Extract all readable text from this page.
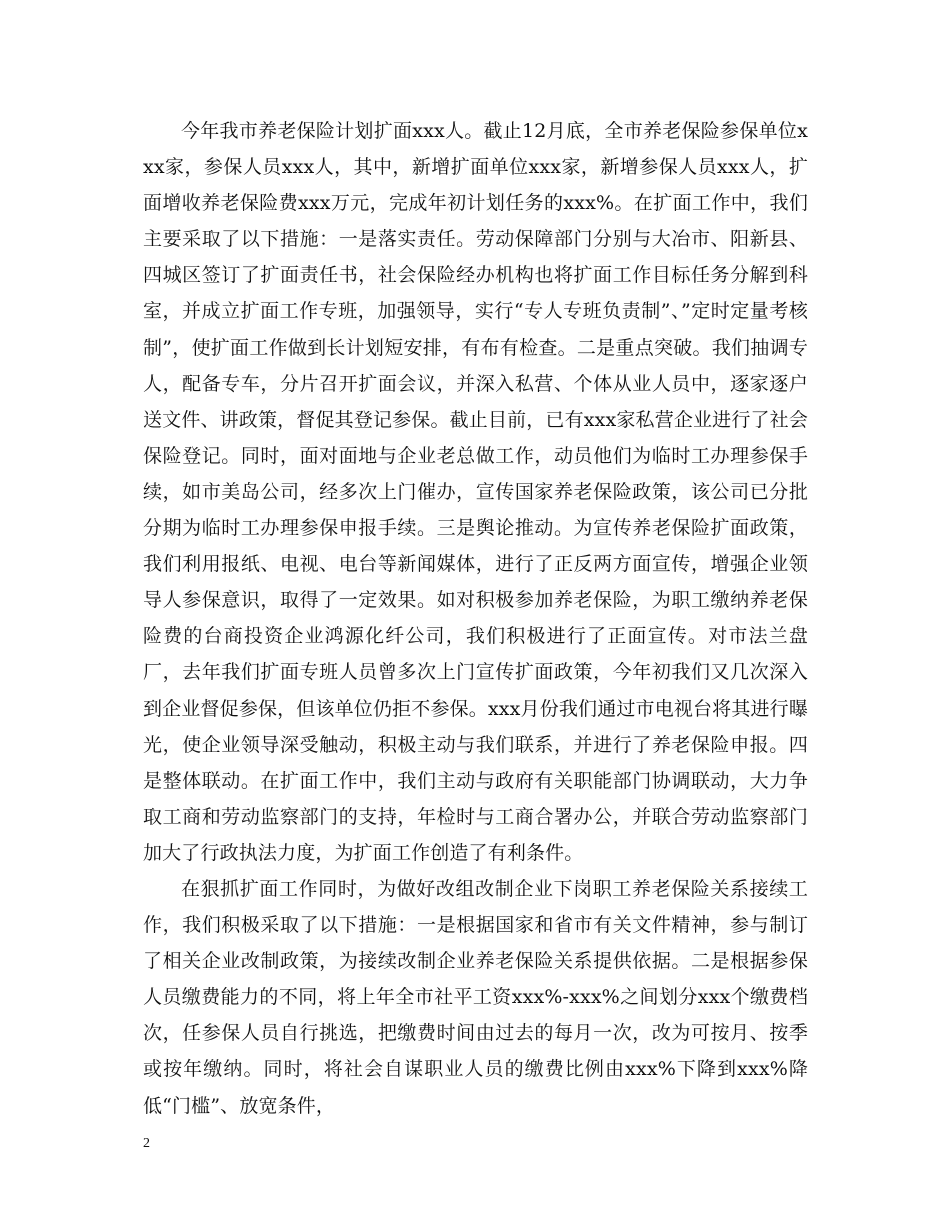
今年我市养老保险计划扩面xxx人。截止12月底，全市养老保险参保单位xxx家，参保人员xxx人，其中，新增扩面单位xxx家，新增参保人员xxx人，扩面增收养老保险费xxx万元，完成年初计划任务的xxx%。在扩面工作中，我们主要采取了以下措施：一是落实责任。劳动保障部门分别与大冶市、阳新县、四城区签订了扩面责任书，社会保险经办机构也将扩面工作目标任务分解到科室，并成立扩面工作专班，加强领导，实行“专人专班负责制”、”定时定量考核制”，使扩面工作做到长计划短安排，有布有检查。二是重点突破。我们抽调专人，配备专车，分片召开扩面会议，并深入私营、个体从业人员中，逐家逐户送文件、讲政策，督促其登记参保。截止目前，已有xxx家私营企业进行了社会保险登记。同时，面对面地与企业老总做工作，动员他们为临时工办理参保手续，如市美岛公司，经多次上门催办，宣传国家养老保险政策，该公司已分批分期为临时工办理参保申报手续。三是舆论推动。为宣传养老保险扩面政策，我们利用报纸、电视、电台等新闻媒体，进行了正反两方面宣传，增强企业领导人参保意识，取得了一定效果。如对积极参加养老保险，为职工缴纳养老保险费的台商投资企业鸿源化纤公司，我们积极进行了正面宣传。对市法兰盘厂，去年我们扩面专班人员曾多次上门宣传扩面政策，今年初我们又几次深入到企业督促参保，但该单位仍拒不参保。xxx月份我们通过市电视台将其进行曝光，使企业领导深受触动，积极主动与我们联系，并进行了养老保险申报。四是整体联动。在扩面工作中，我们主动与政府有关职能部门协调联动，大力争取工商和劳动监察部门的支持，年检时与工商合署办公，并联合劳动监察部门加大了行政执法力度，为扩面工作创造了有利条件。

在狠抓扩面工作同时，为做好改组改制企业下岗职工养老保险关系接续工作，我们积极采取了以下措施：一是根据国家和省市有关文件精神，参与制订了相关企业改制政策，为接续改制企业养老保险关系提供依据。二是根据参保人员缴费能力的不同，将上年全市社平工资xxx%-xxx%之间划分xxx个缴费档次，任参保人员自行挑选，把缴费时间由过去的每月一次，改为可按月、按季或按年缴纳。同时，将社会自谋职业人员的缴费比例由xxx%下降到xxx%降低“门槛”、放宽条件，

2
